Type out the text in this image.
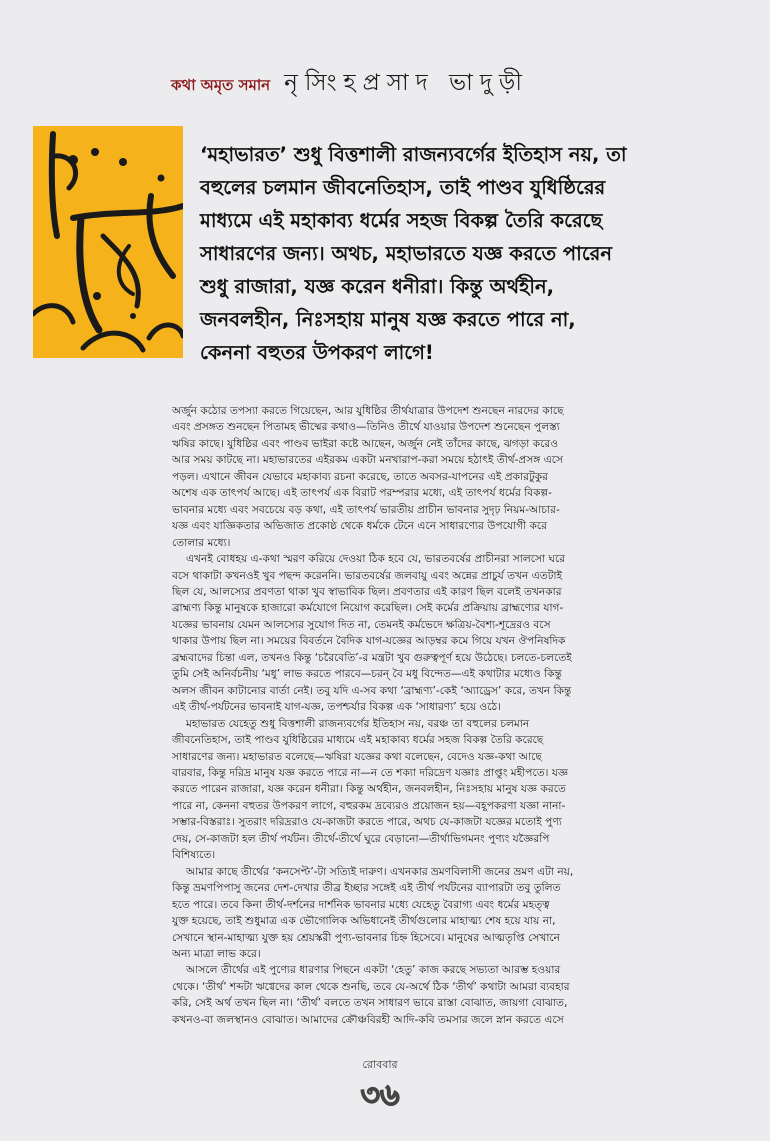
কথা অমৃত সমান নৃসিংহপ্রসাদ ভাদুড়ী

‘মহাভারত’ শুধু বিত্তশালী রাজন্যবর্গের ইতিহাস নয়, তা
বহুলের চলমান জীবনেতিহাস, তাই পাণ্ডব যুধিষ্ঠিরের
মাধ্যমে এই মহাকাব্য ধর্মের সহজ বিকল্প তৈরি করেছে
সাধারণের জন্য। অথচ, মহাভারতে যজ্ঞ করতে পারেন
শুধু রাজারা, যজ্ঞ করেন ধনীরা। কিন্তু অর্থহীন,
জনবলহীন, নিঃসহায় মানুষ যজ্ঞ করতে পারে না,
কেননা বহুতর উপকরণ লাগে!

অর্জুন কঠোর তপস্যা করতে গিয়েছেন, আর যুধিষ্ঠির তীর্থযাত্রার উপদেশ শুনছেন নারদের কাছে
এবং প্রসঙ্গত শুনছেন পিতামহ ভীষ্মের কথাও—তিনিও তীর্থে যাওয়ার উপদেশ শুনেছেন পুলস্ত্য
ঋষির কাছে। যুধিষ্ঠির এবং পাণ্ডব ভাইরা কষ্টে আছেন, অর্জুন নেই তাঁদের কাছে, ঝগড়া করেও
আর সময় কাটছে না। মহাভারতের এইরকম একটা মনখারাপ-করা সময়ে হঠাৎই তীর্থ-প্রসঙ্গ এসে
পড়ল। এখানে জীবন যেভাবে মহাকাব্য রচনা করেছে, তাতে অবসর-যাপনের এই প্রকারটুকুর
অশেষ এক তাৎপর্য আছে। এই তাৎপর্য এক বিরাট পরম্পরার মধ্যে, এই তাৎপর্য ধর্মের বিকল্প-
ভাবনার মধ্যে এবং সবচেয়ে বড় কথা, এই তাৎপর্য ভারতীয় প্রাচীন ভাবনার সুদৃঢ় নিয়ম-আচার-
যজ্ঞ এবং যাজ্ঞিকতার অভিজাত প্রকোষ্ঠ থেকে ধর্মকে টেনে এনে সাধারণ্যের উপযোগী করে
তোলার মধ্যে।
এখনই বোধহয় এ-কথা স্মরণ করিয়ে দেওয়া ঠিক হবে যে, ভারতবর্ষের প্রাচীনরা সালসো ঘরে
বসে থাকাটা কখনওই খুব পছন্দ করেননি। ভারতবর্ষের জলবায়ু এবং অন্নের প্রাচুর্য তখন এতটাই
ছিল যে, আলস্যের প্রবণতা থাকা খুব স্বাভাবিক ছিল। প্রবণতার এই কারণ ছিল বলেই তখনকার
ব্রাহ্মণ্য কিন্তু মানুষকে হাজারো কর্মযোগে নিয়োগ করেছিল। সেই কর্মের প্রক্রিয়ায় ব্রাহ্মণ্যের যাগ-
যজ্ঞের ভাবনায় যেমন আলস্যের সুযোগ দিত না, তেমনই কর্মভেদে ক্ষত্রিয়-বৈশ্য-শূদ্রেরও বসে
থাকার উপায় ছিল না। সময়ের বিবর্তনে বৈদিক যাগ-যজ্ঞের আড়ম্বর কমে গিয়ে যখন ঔপনিষদিক
ব্রহ্মবাদের চিন্তা এল, তখনও কিন্তু ‘চরৈবেতি’-র মন্ত্রটা খুব গুরুত্বপূর্ণ হয়ে উঠেছে। চলতে-চলতেই
তুমি সেই অনির্বচনীয় ‘মধু’ লাভ করতে পারবে—চরন্ বৈ মধু বিন্দেত—এই কথাটার মধ্যেও কিন্তু
অলস জীবন কাটানোর বার্তা নেই। তবু যদি এ-সব কথা ‘ব্রাহ্মণ্য’-কেই ‘অ্যাড্রেস’ করে, তখন কিন্তু
এই তীর্থ-পর্যটনের ভাবনাই যাগ-যজ্ঞ, তপশ্চর্যার বিকল্প এক ‘সাধারণ্য’ হয়ে ওঠে।
মহাভারত যেহেতু শুধু বিত্তশালী রাজন্যবর্গের ইতিহাস নয়, বরঞ্চ তা বহুলের চলমান
জীবনেতিহাস, তাই পাণ্ডব যুধিষ্ঠিরের মাধ্যমে এই মহাকাব্য ধর্মের সহজ বিকল্প তৈরি করেছে
সাধারণের জন্য। মহাভারত বলেছে—ঋষিরা যজ্ঞের কথা বলেছেন, বেদেও যজ্ঞ-কথা আছে
বারবার, কিন্তু দরিদ্র মানুষ যজ্ঞ করতে পারে না—ন তে শক্যা দরিদ্রেণ যজ্ঞাঃ প্রাপ্তুং মহীপতে। যজ্ঞ
করতে পারেন রাজারা, যজ্ঞ করেন ধনীরা। কিন্তু অর্থহীন, জনবলহীন, নিঃসহায় মানুষ যজ্ঞ করতে
পারে না, কেননা বহুতর উপকরণ লাগে, বহুরকম দ্রব্যেরও প্রয়োজন হয়—বহূপকরণা যজ্ঞা নানা-
সম্ভার-বিস্তরাঃ। সুতরাং দরিদ্ররাও যে-কাজটা করতে পারে, অথচ যে-কাজটা যজ্ঞের মতোই পুণ্য
দেয়, সে-কাজটা হল তীর্থ পর্যটন। তীর্থে-তীর্থে ঘুরে বেড়ানো—তীর্থাভিগমনং পুণ্যং যজ্ঞৈরপি
বিশিষ্যতে।
আমার কাছে তীর্থের ‘কনসেপ্ট’-টা সত্যিই দারুণ। এখনকার ভ্রমণবিলাসী জনের ভ্রমণ এটা নয়,
কিন্তু ভ্রমণপিপাসু জনের দেশ-দেখার তীব্র ইচ্ছার সঙ্গেই এই তীর্থ পর্যটনের ব্যাপারটা তবু তুলিত
হতে পারে। তবে কিনা তীর্থ-দর্শনের দার্শনিক ভাবনার মধ্যে যেহেতু বৈরাগ্য এবং ধর্মের মহত্ত্ব
যুক্ত হয়েছে, তাই শুধুমাত্র এক ভৌগোলিক অভিধানেই তীর্থগুলোর মাহাত্ম্য শেষ হয়ে যায় না,
সেখানে স্থান-মাহাত্ম্য যুক্ত হয় শ্রেয়স্করী পুণ্য-ভাবনার চিহ্ন হিসেবে। মানুষের আত্মতৃপ্তি সেখানে
অন্য মাত্রা লাভ করে।
আসলে তীর্থের এই পুণ্যের ধারণার পিছনে একটা ‘হেতু’ কাজ করছে সভ্যতা আরম্ভ হওয়ার
থেকে। ‘তীর্থ’ শব্দটা ঋগ্বেদের কাল থেকে শুনছি, তবে যে-অর্থে ঠিক ‘তীর্থ’ কথাটা আমরা ব্যবহার
করি, সেই অর্থ তখন ছিল না। ‘তীর্থ’ বলতে তখন সাধারণ ভাবে রাস্তা বোঝাত, জায়গা বোঝাত,
কখনও-বা জলস্থানও বোঝাত। আমাদের ক্রৌঞ্চবিরহী আদি-কবি তমসার জলে স্নান করতে এসে
রোববার
৩৬
